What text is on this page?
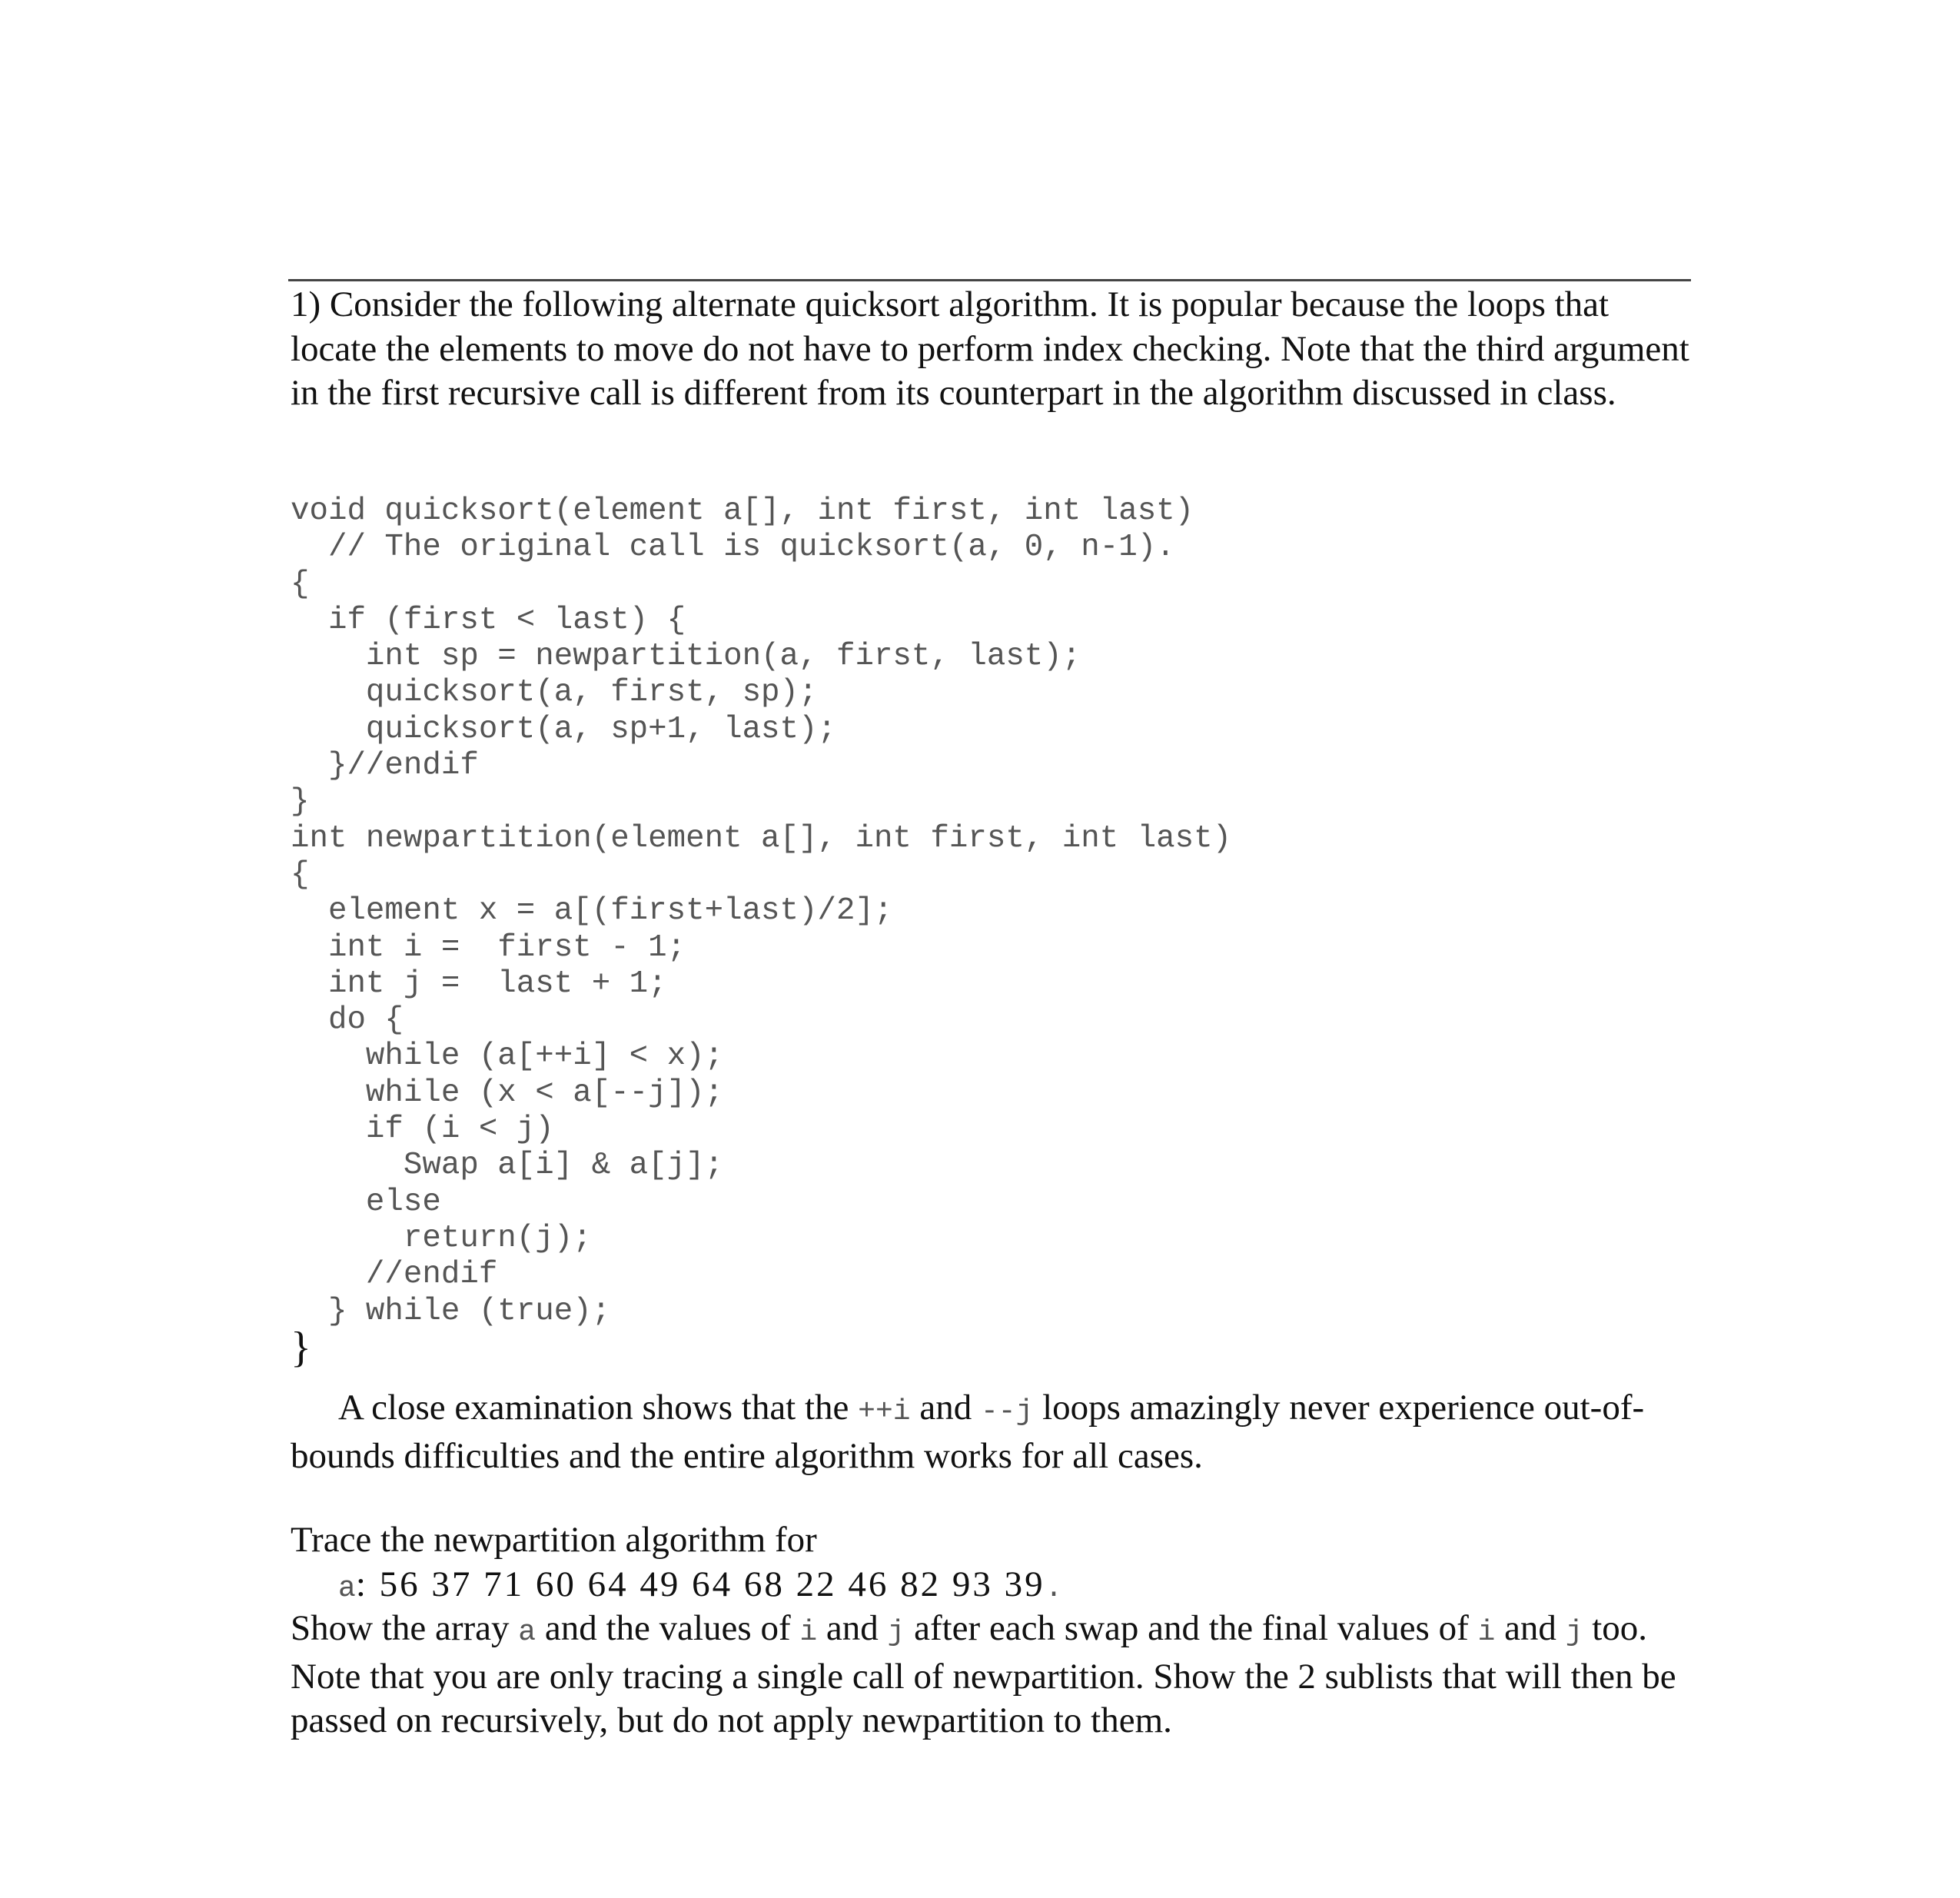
1) Consider the following alternate quicksort algorithm. It is popular because the loops that locate the elements to move do not have to perform index checking. Note that the third argument in the first recursive call is different from its counterpart in the algorithm discussed in class.

void quicksort(element a[], int first, int last)
// The original call is quicksort(a, 0, n-1).
{
if (first < last) {
int sp = newpartition(a, first, last);
quicksort(a, first, sp);
quicksort(a, sp+1, last);
}//endif
}
int newpartition(element a[], int first, int last)
{
element x = a[(first+last)/2];
int i =  first - 1;
int j =  last + 1;
do {
while (a[++i] < x);
while (x < a[--j]);
if (i < j)
Swap a[i] & a[j];
else
return(j);
//endif
} while (true);
}
A close examination shows that the ++i and --j loops amazingly never experience out-of-bounds difficulties and the entire algorithm works for all cases.

Trace the newpartition algorithm for

a: 56 37 71 60 64 49 64 68 22 46 82 93 39.

Show the array a and the values of i and j after each swap and the final values of i and j too. Note that you are only tracing a single call of newpartition. Show the 2 sublists that will then be passed on recursively, but do not apply newpartition to them.
